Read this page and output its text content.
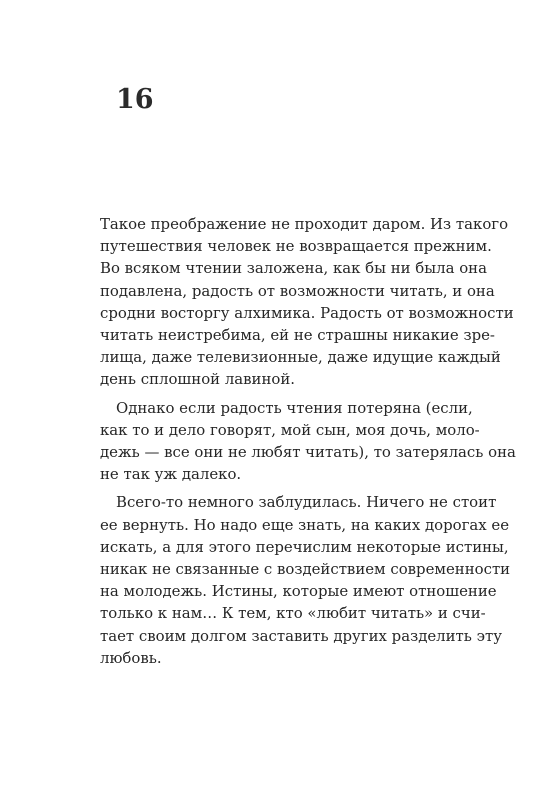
16
Такое преображение не проходит даром. Из такого
путешествия человек не возвращается прежним.
Во всяком чтении заложена, как бы ни была она
подавлена, радость от возможности читать, и она
сродни восторгу алхимика. Радость от возможности
читать неистребима, ей не страшны никакие зре-
лища, даже телевизионные, даже идущие каждый
день сплошной лавиной.
Однако если радость чтения потеряна (если,
как то и дело говорят, мой сын, моя дочь, моло-
дежь — все они не любят читать), то затерялась она
не так уж далеко.
Всего-то немного заблудилась. Ничего не стоит
ее вернуть. Но надо еще знать, на каких дорогах ее
искать, а для этого перечислим некоторые истины,
никак не связанные с воздействием современности
на молодежь. Истины, которые имеют отношение
только к нам… К тем, кто «любит читать» и счи-
тает своим долгом заставить других разделить эту
любовь.
